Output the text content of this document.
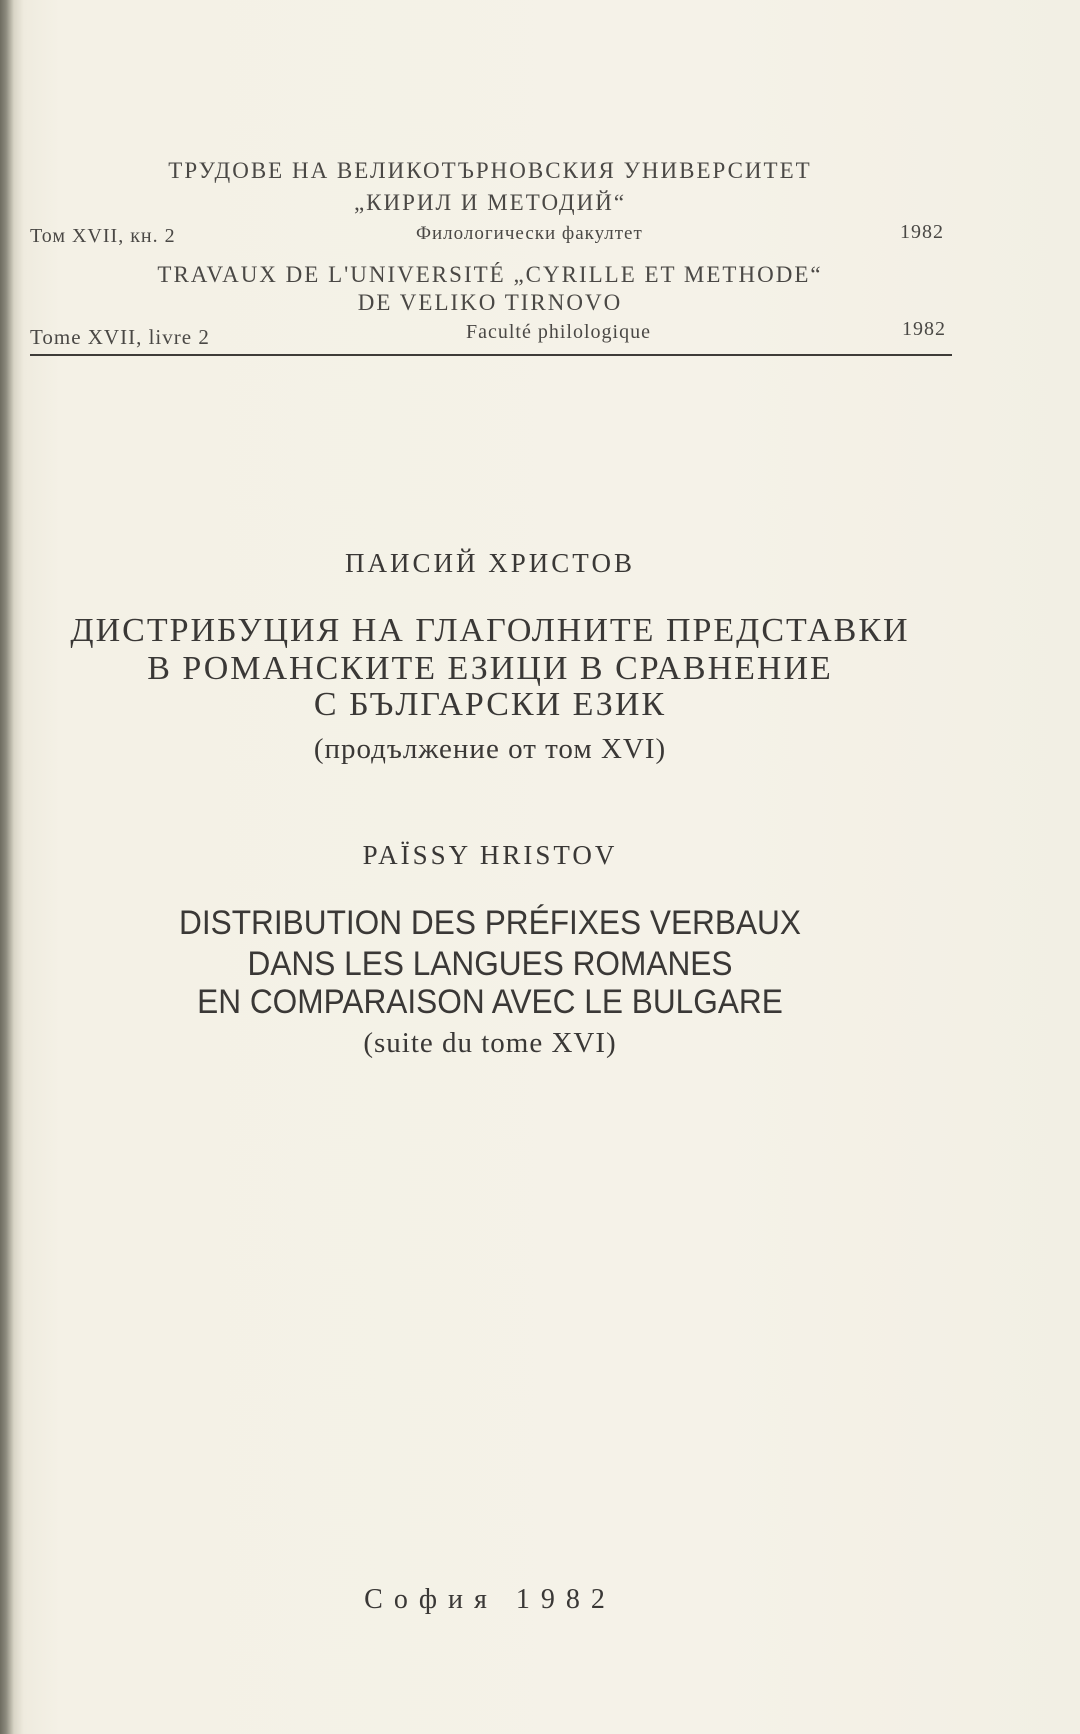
ТРУДОВЕ НА ВЕЛИКОТЪРНОВСКИЯ УНИВЕРСИТЕТ
„КИРИЛ И МЕТОДИЙ“
Том XVII, кн. 2	Филологически факултет	1982
TRAVAUX DE L'UNIVERSITÉ „CYRILLE ET METHODE“
DE VELIKO TIRNOVO
Tome XVII, livre 2	Faculté philologique	1982
ПАИСИЙ ХРИСТОВ
ДИСТРИБУЦИЯ НА ГЛАГОЛНИТЕ ПРЕДСТАВКИ
В РОМАНСКИТЕ ЕЗИЦИ В СРАВНЕНИЕ
С БЪЛГАРСКИ ЕЗИК
(продължение от том XVI)
PAÏSSY HRISTOV
DISTRIBUTION DES PRÉFIXES VERBAUX
DANS LES LANGUES ROMANES
EN COMPARAISON AVEC LE BULGARE
(suite du tome XVI)
София 1982
